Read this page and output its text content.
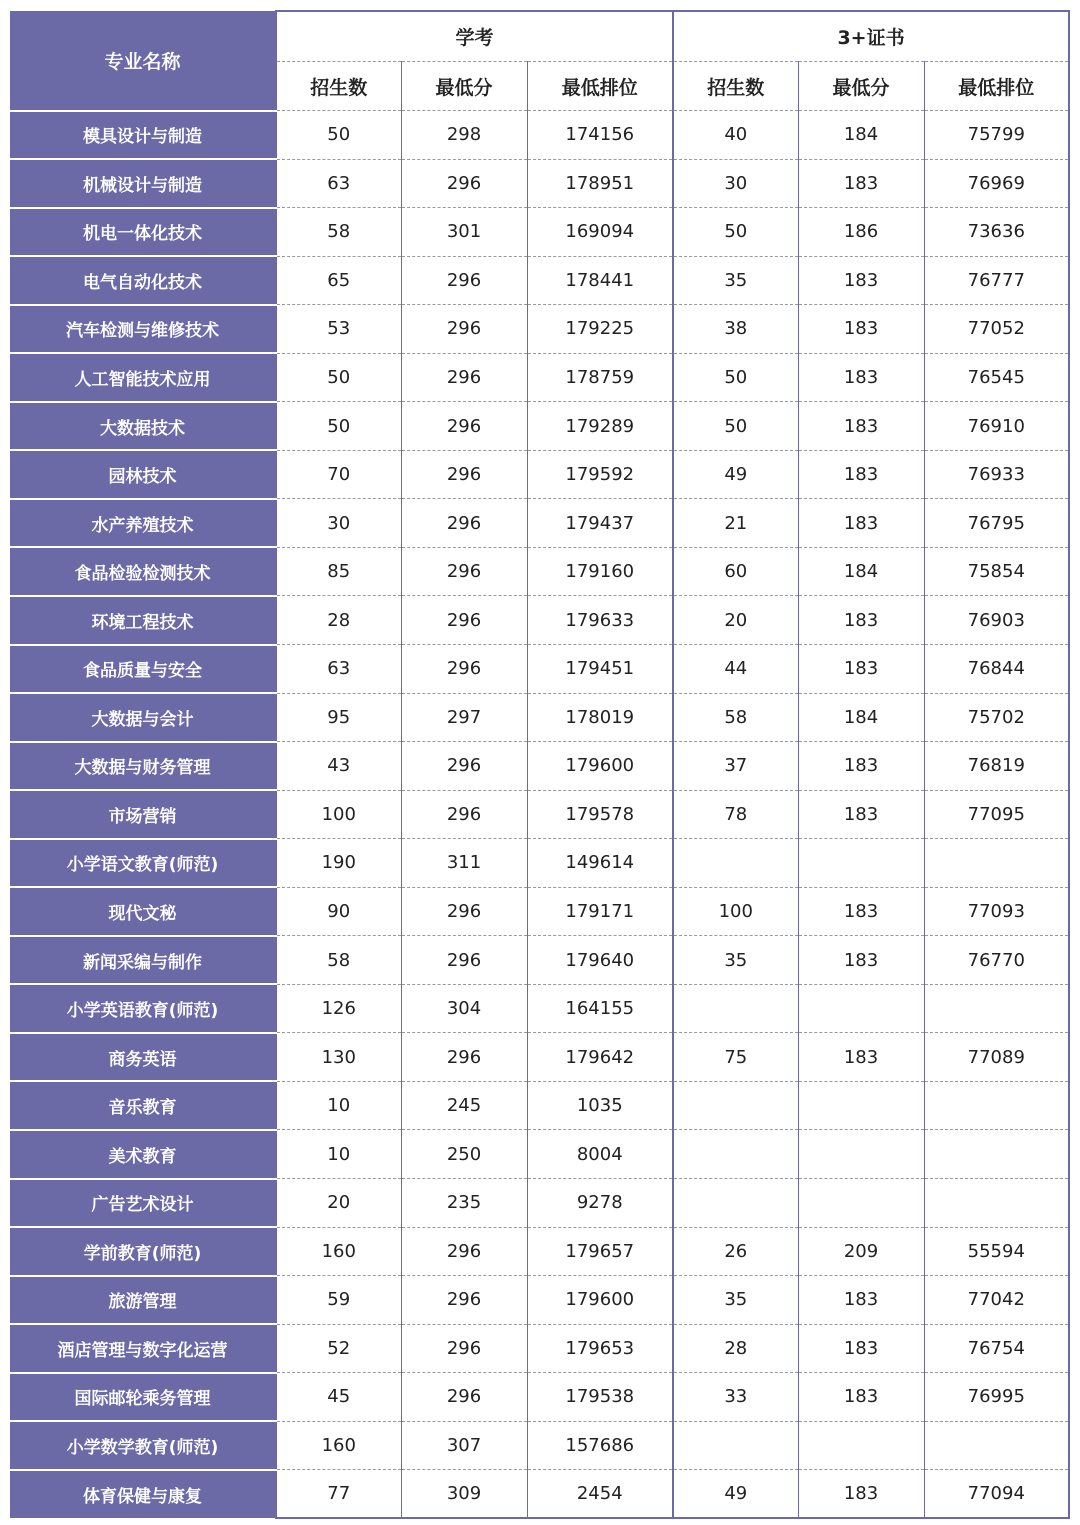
专业名称	学考			3+证书		
	招生数	最低分	最低排位	招生数	最低分	最低排位
模具设计与制造	50	298	174156	40	184	75799
机械设计与制造	63	296	178951	30	183	76969
机电一体化技术	58	301	169094	50	186	73636
电气自动化技术	65	296	178441	35	183	76777
汽车检测与维修技术	53	296	179225	38	183	77052
人工智能技术应用	50	296	178759	50	183	76545
大数据技术	50	296	179289	50	183	76910
园林技术	70	296	179592	49	183	76933
水产养殖技术	30	296	179437	21	183	76795
食品检验检测技术	85	296	179160	60	184	75854
环境工程技术	28	296	179633	20	183	76903
食品质量与安全	63	296	179451	44	183	76844
大数据与会计	95	297	178019	58	184	75702
大数据与财务管理	43	296	179600	37	183	76819
市场营销	100	296	179578	78	183	77095
小学语文教育(师范)	190	311	149614			
现代文秘	90	296	179171	100	183	77093
新闻采编与制作	58	296	179640	35	183	76770
小学英语教育(师范)	126	304	164155			
商务英语	130	296	179642	75	183	77089
音乐教育	10	245	1035			
美术教育	10	250	8004			
广告艺术设计	20	235	9278			
学前教育(师范)	160	296	179657	26	209	55594
旅游管理	59	296	179600	35	183	77042
酒店管理与数字化运营	52	296	179653	28	183	76754
国际邮轮乘务管理	45	296	179538	33	183	76995
小学数学教育(师范)	160	307	157686			
体育保健与康复	77	309	2454	49	183	77094
